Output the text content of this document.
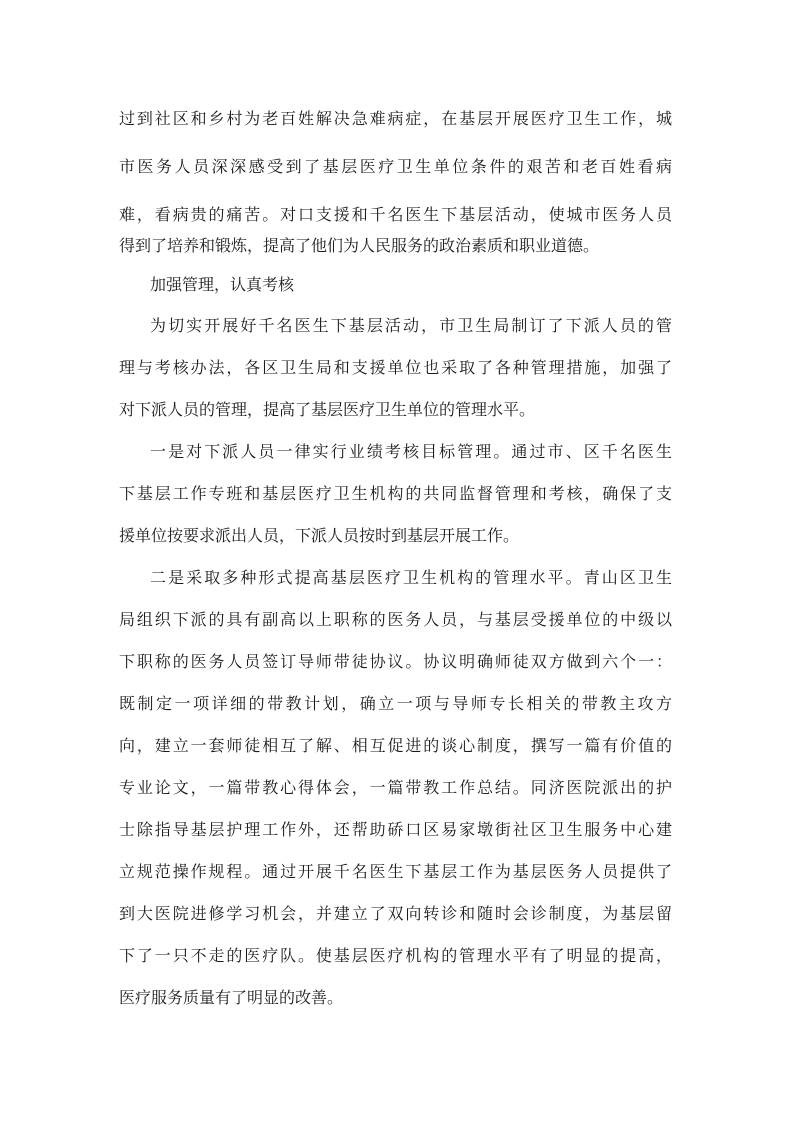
过到社区和乡村为老百姓解决急难病症，在基层开展医疗卫生工作，城
市医务人员深深感受到了基层医疗卫生单位条件的艰苦和老百姓看病
难，看病贵的痛苦。对口支援和千名医生下基层活动，使城市医务人员
得到了培养和锻炼，提高了他们为人民服务的政治素质和职业道德。
加强管理，认真考核
为切实开展好千名医生下基层活动，市卫生局制订了下派人员的管
理与考核办法，各区卫生局和支援单位也采取了各种管理措施，加强了
对下派人员的管理，提高了基层医疗卫生单位的管理水平。
一是对下派人员一律实行业绩考核目标管理。通过市、区千名医生
下基层工作专班和基层医疗卫生机构的共同监督管理和考核，确保了支
援单位按要求派出人员，下派人员按时到基层开展工作。
二是采取多种形式提高基层医疗卫生机构的管理水平。青山区卫生
局组织下派的具有副高以上职称的医务人员，与基层受援单位的中级以
下职称的医务人员签订导师带徒协议。协议明确师徒双方做到六个一：
既制定一项详细的带教计划，确立一项与导师专长相关的带教主攻方
向，建立一套师徒相互了解、相互促进的谈心制度，撰写一篇有价值的
专业论文，一篇带教心得体会，一篇带教工作总结。同济医院派出的护
士除指导基层护理工作外，还帮助硚口区易家墩街社区卫生服务中心建
立规范操作规程。通过开展千名医生下基层工作为基层医务人员提供了
到大医院进修学习机会，并建立了双向转诊和随时会诊制度，为基层留
下了一只不走的医疗队。使基层医疗机构的管理水平有了明显的提高，
医疗服务质量有了明显的改善。
